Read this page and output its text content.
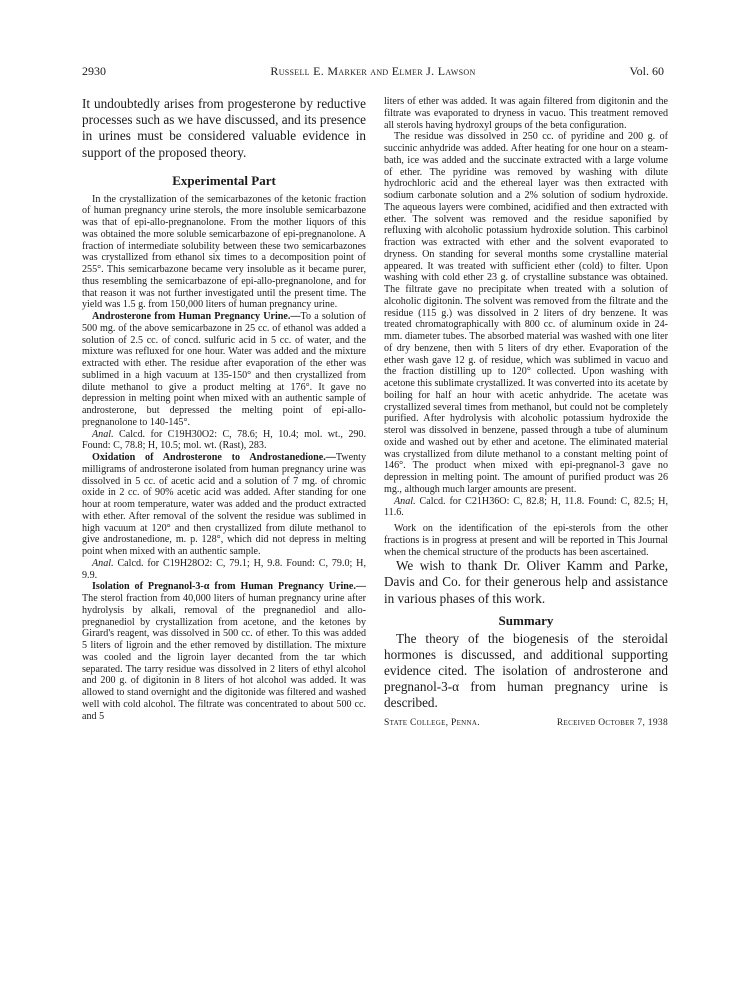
2930	Russell E. Marker and Elmer J. Lawson	Vol. 60

It undoubtedly arises from progesterone by reductive processes such as we have discussed, and its presence in urines must be considered valuable evidence in support of the proposed theory.

Experimental Part

In the crystallization of the semicarbazones of the ketonic fraction of human pregnancy urine sterols, the more insoluble semicarbazone was that of epi-allo-pregnanolone. From the mother liquors of this was obtained the more soluble semicarbazone of epi-pregnanolone. A fraction of intermediate solubility between these two semicarbazones was crystallized from ethanol six times to a decomposition point of 255°. This semicarbazone became very insoluble as it became purer, thus resembling the semicarbazone of epi-allo-pregnanolone, and for that reason it was not further investigated until the present time. The yield was 1.5 g. from 150,000 liters of human pregnancy urine.

Androsterone from Human Pregnancy Urine.—To a solution of 500 mg. of the above semicarbazone in 25 cc. of ethanol was added a solution of 2.5 cc. of concd. sulfuric acid in 5 cc. of water, and the mixture was refluxed for one hour. Water was added and the mixture extracted with ether. The residue after evaporation of the ether was sublimed in a high vacuum at 135-150° and then crystallized from dilute methanol to give a product melting at 176°. It gave no depression in melting point when mixed with an authentic sample of androsterone, but depressed the melting point of epi-allo-pregnanolone to 140-145°.

Anal. Calcd. for C19H30O2: C, 78.6; H, 10.4; mol. wt., 290. Found: C, 78.8; H, 10.5; mol. wt. (Rast), 283.

Oxidation of Androsterone to Androstanedione.—Twenty milligrams of androsterone isolated from human pregnancy urine was dissolved in 5 cc. of acetic acid and a solution of 7 mg. of chromic oxide in 2 cc. of 90% acetic acid was added. After standing for one hour at room temperature, water was added and the product extracted with ether. After removal of the solvent the residue was sublimed in high vacuum at 120° and then crystallized from dilute methanol to give androstanedione, m. p. 128°, which did not depress in melting point when mixed with an authentic sample.

Anal. Calcd. for C19H28O2: C, 79.1; H, 9.8. Found: C, 79.0; H, 9.9.

Isolation of Pregnanol-3-α from Human Pregnancy Urine.—The sterol fraction from 40,000 liters of human pregnancy urine after hydrolysis by alkali, removal of the pregnanediol and allo-pregnanediol by crystallization from acetone, and the ketones by Girard's reagent, was dissolved in 500 cc. of ether. To this was added 5 liters of ligroin and the ether removed by distillation. The mixture was cooled and the ligroin layer decanted from the tar which separated. The tarry residue was dissolved in 2 liters of ethyl alcohol and 200 g. of digitonin in 8 liters of hot alcohol was added. It was allowed to stand overnight and the digitonide was filtered and washed well with cold alcohol. The filtrate was concentrated to about 500 cc. and 5

liters of ether was added. It was again filtered from digitonin and the filtrate was evaporated to dryness in vacuo. This treatment removed all sterols having hydroxyl groups of the beta configuration.

The residue was dissolved in 250 cc. of pyridine and 200 g. of succinic anhydride was added. After heating for one hour on a steam-bath, ice was added and the succinate extracted with a large volume of ether. The pyridine was removed by washing with dilute hydrochloric acid and the ethereal layer was then extracted with sodium carbonate solution and a 2% solution of sodium hydroxide. The aqueous layers were combined, acidified and then extracted with ether. The solvent was removed and the residue saponified by refluxing with alcoholic potassium hydroxide solution. This carbinol fraction was extracted with ether and the solvent evaporated to dryness. On standing for several months some crystalline material appeared. It was treated with sufficient ether (cold) to filter. Upon washing with cold ether 23 g. of crystalline substance was obtained. The filtrate gave no precipitate when treated with a solution of alcoholic digitonin. The solvent was removed from the filtrate and the residue (115 g.) was dissolved in 2 liters of dry benzene. It was treated chromatographically with 800 cc. of aluminum oxide in 24-mm. diameter tubes. The absorbed material was washed with one liter of dry benzene, then with 5 liters of dry ether. Evaporation of the ether wash gave 12 g. of residue, which was sublimed in vacuo and the fraction distilling up to 120° collected. Upon washing with acetone this sublimate crystallized. It was converted into its acetate by boiling for half an hour with acetic anhydride. The acetate was crystallized several times from methanol, but could not be completely purified. After hydrolysis with alcoholic potassium hydroxide the sterol was dissolved in benzene, passed through a tube of aluminum oxide and washed out by ether and acetone. The eliminated material was crystallized from dilute methanol to a constant melting point of 146°. The product when mixed with epi-pregnanol-3 gave no depression in melting point. The amount of purified product was 26 mg., although much larger amounts are present.

Anal. Calcd. for C21H36O: C, 82.8; H, 11.8. Found: C, 82.5; H, 11.6.

Work on the identification of the epi-sterols from the other fractions is in progress at present and will be reported in This Journal when the chemical structure of the products has been ascertained.

We wish to thank Dr. Oliver Kamm and Parke, Davis and Co. for their generous help and assistance in various phases of this work.

Summary

The theory of the biogenesis of the steroidal hormones is discussed, and additional supporting evidence cited. The isolation of androsterone and pregnanol-3-α from human pregnancy urine is described.

State College, Penna.	Received October 7, 1938
